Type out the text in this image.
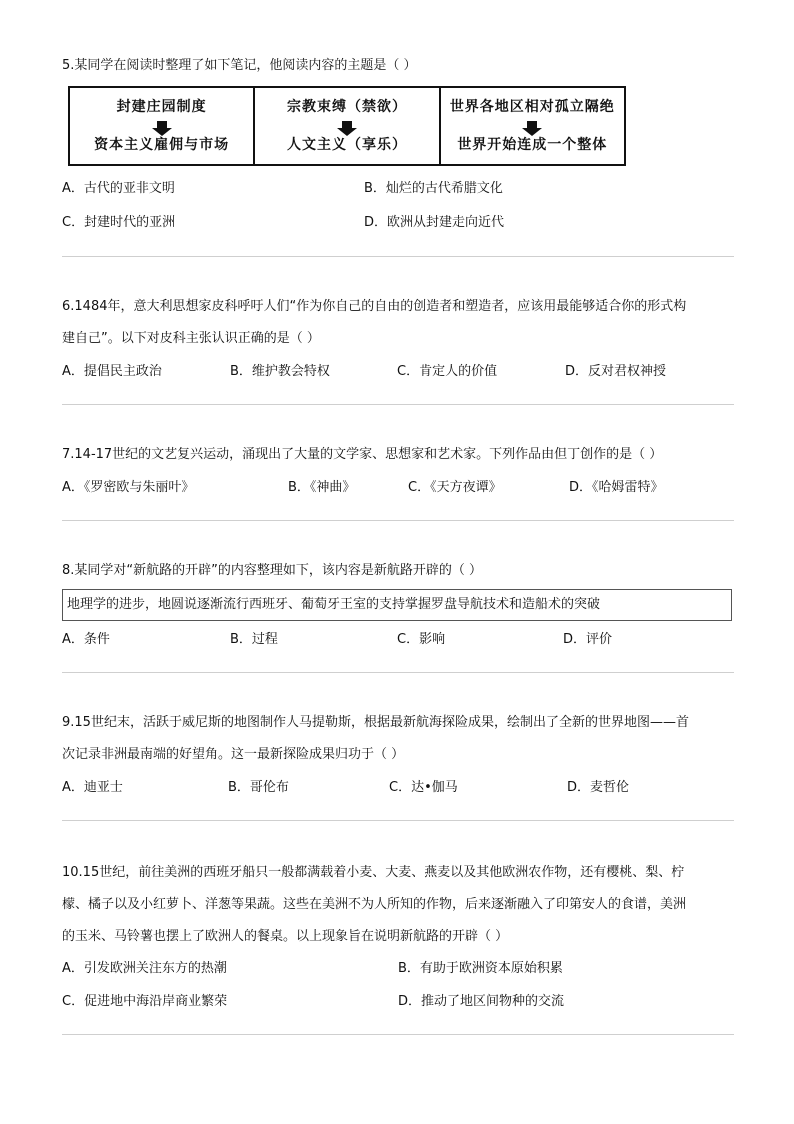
5.某同学在阅读时整理了如下笔记，他阅读内容的主题是（ ）
封建庄园制度
资本主义雇佣与市场
宗教束缚（禁欲）
人文主义（享乐）
世界各地区相对孤立隔绝
世界开始连成一个整体
A．古代的亚非文明	B．灿烂的古代希腊文化
C．封建时代的亚洲	D．欧洲从封建走向近代
6.1484年，意大利思想家皮科呼吁人们“作为你自己的自由的创造者和塑造者，应该用最能够适合你的形式构
建自己”。以下对皮科主张认识正确的是（ ）
A．提倡民主政治	B．维护教会特权	C．肯定人的价值	D．反对君权神授
7.14-17世纪的文艺复兴运动，涌现出了大量的文学家、思想家和艺术家。下列作品由但丁创作的是（ ）
A．《罗密欧与朱丽叶》	B．《神曲》	C．《天方夜谭》	D．《哈姆雷特》
8.某同学对“新航路的开辟”的内容整理如下，该内容是新航路开辟的（ ）
地理学的进步，地圆说逐渐流行西班牙、葡萄牙王室的支持掌握罗盘导航技术和造船术的突破
A．条件	B．过程	C．影响	D．评价
9.15世纪末，活跃于威尼斯的地图制作人马提勒斯，根据最新航海探险成果，绘制出了全新的世界地图——首
次记录非洲最南端的好望角。这一最新探险成果归功于（ ）
A．迪亚士	B．哥伦布	C．达•伽马	D．麦哲伦
10.15世纪，前往美洲的西班牙船只一般都满载着小麦、大麦、燕麦以及其他欧洲农作物，还有樱桃、梨、柠
檬、橘子以及小红萝卜、洋葱等果蔬。这些在美洲不为人所知的作物，后来逐渐融入了印第安人的食谱，美洲
的玉米、马铃薯也摆上了欧洲人的餐桌。以上现象旨在说明新航路的开辟（ ）
A．引发欧洲关注东方的热潮	B．有助于欧洲资本原始积累
C．促进地中海沿岸商业繁荣	D．推动了地区间物种的交流
